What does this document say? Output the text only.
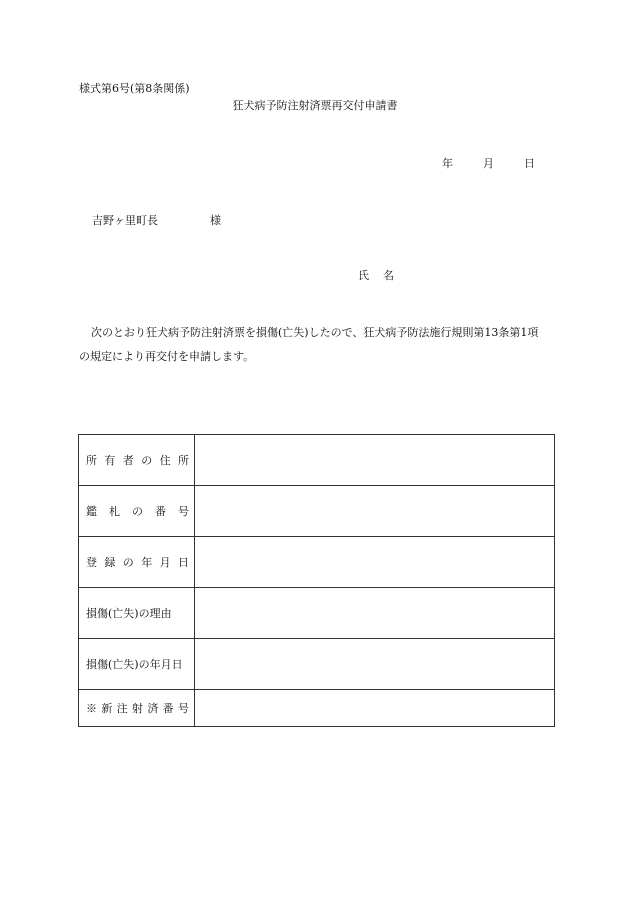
様式第6号(第8条関係)
狂犬病予防注射済票再交付申請書
年	月	日
吉野ヶ里町長	様
氏 名
次のとおり狂犬病予防注射済票を損傷(亡失)したので、狂犬病予防法施行規則第13条第1項の規定により再交付を申請します。
所有者の住所	
鑑札の番号	
登録の年月日	
損傷(亡失)の理由	
損傷(亡失)の年月日	
※新注射済番号	
